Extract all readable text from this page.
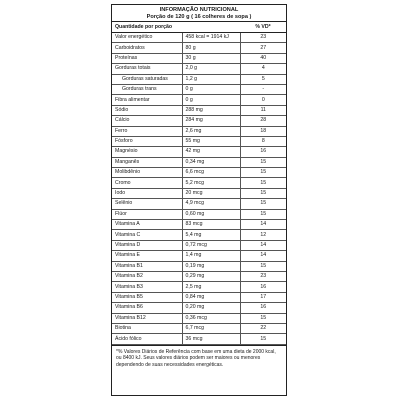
INFORMAÇÃO NUTRICIONAL
Porção de 120 g ( 16 colheres de sopa )
Quantidade por porção		% VD*
Valor energético	458 kcal = 1914 kJ	23
Carboidratos	80 g	27
Proteínas	30 g	40
Gorduras totais	2,0 g	4
Gorduras saturadas	1,2 g	5
Gorduras trans	0 g	-
Fibra alimentar	0 g	0
Sódio	288 mg	11
Cálcio	284 mg	28
Ferro	2,6 mg	18
Fósforo	55 mg	8
Magnésio	42 mg	16
Manganês	0,34 mg	15
Molibdênio	6,6 mcg	15
Cromo	5,2 mcg	15
Iodo	20 mcg	15
Selênio	4,9 mcg	15
Flúor	0,60 mg	15
Vitamina A	83 mcg	14
Vitamina C	5,4 mg	12
Vitamina D	0,72 mcg	14
Vitamina E	1,4 mg	14
Vitamina B1	0,19 mg	15
Vitamina B2	0,29 mg	23
Vitamina B3	2,5 mg	16
Vitamina B5	0,84 mg	17
Vitamina B6	0,20 mg	16
Vitamina B12	0,36 mcg	15
Biotina	6,7 mcg	22
Ácido fólico	36 mcg	15
*% Valores Diários de Referência com base em uma dieta de 2000 kcal, ou 8400 kJ. Seus valores diários podem ser maiores ou menores dependendo de suas necessidades energéticas.
